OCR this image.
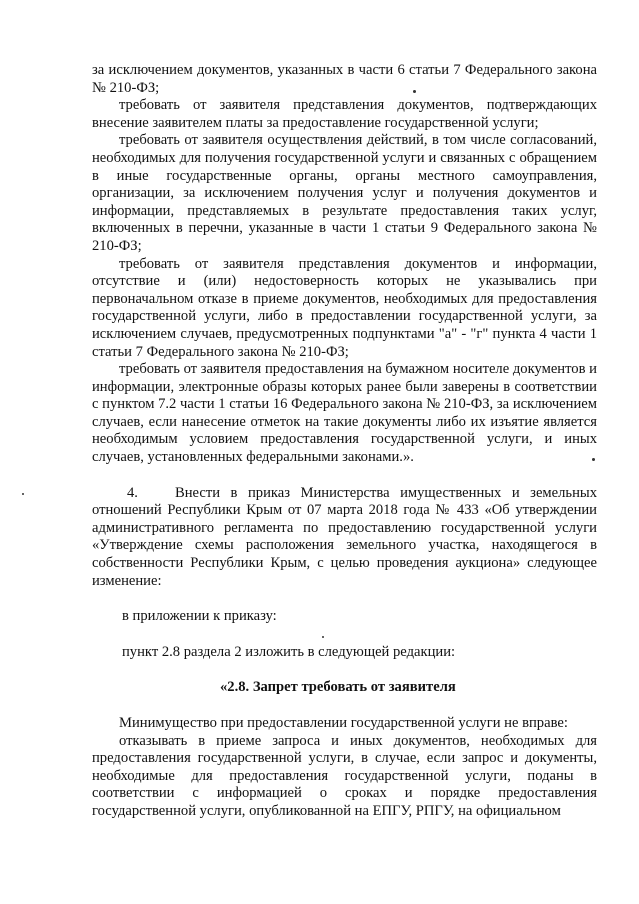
за исключением документов, указанных в части 6 статьи 7 Федерального закона № 210-ФЗ;

требовать от заявителя представления документов, подтверждающих внесение заявителем платы за предоставление государственной услуги;

требовать от заявителя осуществления действий, в том числе согласований, необходимых для получения государственной услуги и связанных с обращением в иные государственные органы, органы местного самоуправления, организации, за исключением получения услуг и получения документов и информации, представляемых в результате предоставления таких услуг, включенных в перечни, указанные в части 1 статьи 9 Федерального закона № 210-ФЗ;

требовать от заявителя представления документов и информации, отсутствие и (или) недостоверность которых не указывались при первоначальном отказе в приеме документов, необходимых для предоставления государственной услуги, либо в предоставлении государственной услуги, за исключением случаев, предусмотренных подпунктами "а" - "г" пункта 4 части 1 статьи 7 Федерального закона № 210-ФЗ;

требовать от заявителя предоставления на бумажном носителе документов и информации, электронные образы которых ранее были заверены в соответствии с пунктом 7.2 части 1 статьи 16 Федерального закона № 210-ФЗ, за исключением случаев, если нанесение отметок на такие документы либо их изъятие является необходимым условием предоставления государственной услуги, и иных случаев, установленных федеральными законами.».

4.	Внести в приказ Министерства имущественных и земельных отношений Республики Крым от 07 марта 2018 года № 433 «Об утверждении административного регламента по предоставлению государственной услуги «Утверждение схемы расположения земельного участка, находящегося в собственности Республики Крым, с целью проведения аукциона» следующее изменение:

в приложении к приказу:

пункт 2.8 раздела 2 изложить в следующей редакции:

«2.8. Запрет требовать от заявителя

Минимущество при предоставлении государственной услуги не вправе:

отказывать в приеме запроса и иных документов, необходимых для предоставления государственной услуги, в случае, если запрос и документы, необходимые для предоставления государственной услуги, поданы в соответствии с информацией о сроках и порядке предоставления государственной услуги, опубликованной на ЕПГУ, РПГУ, на официальном
